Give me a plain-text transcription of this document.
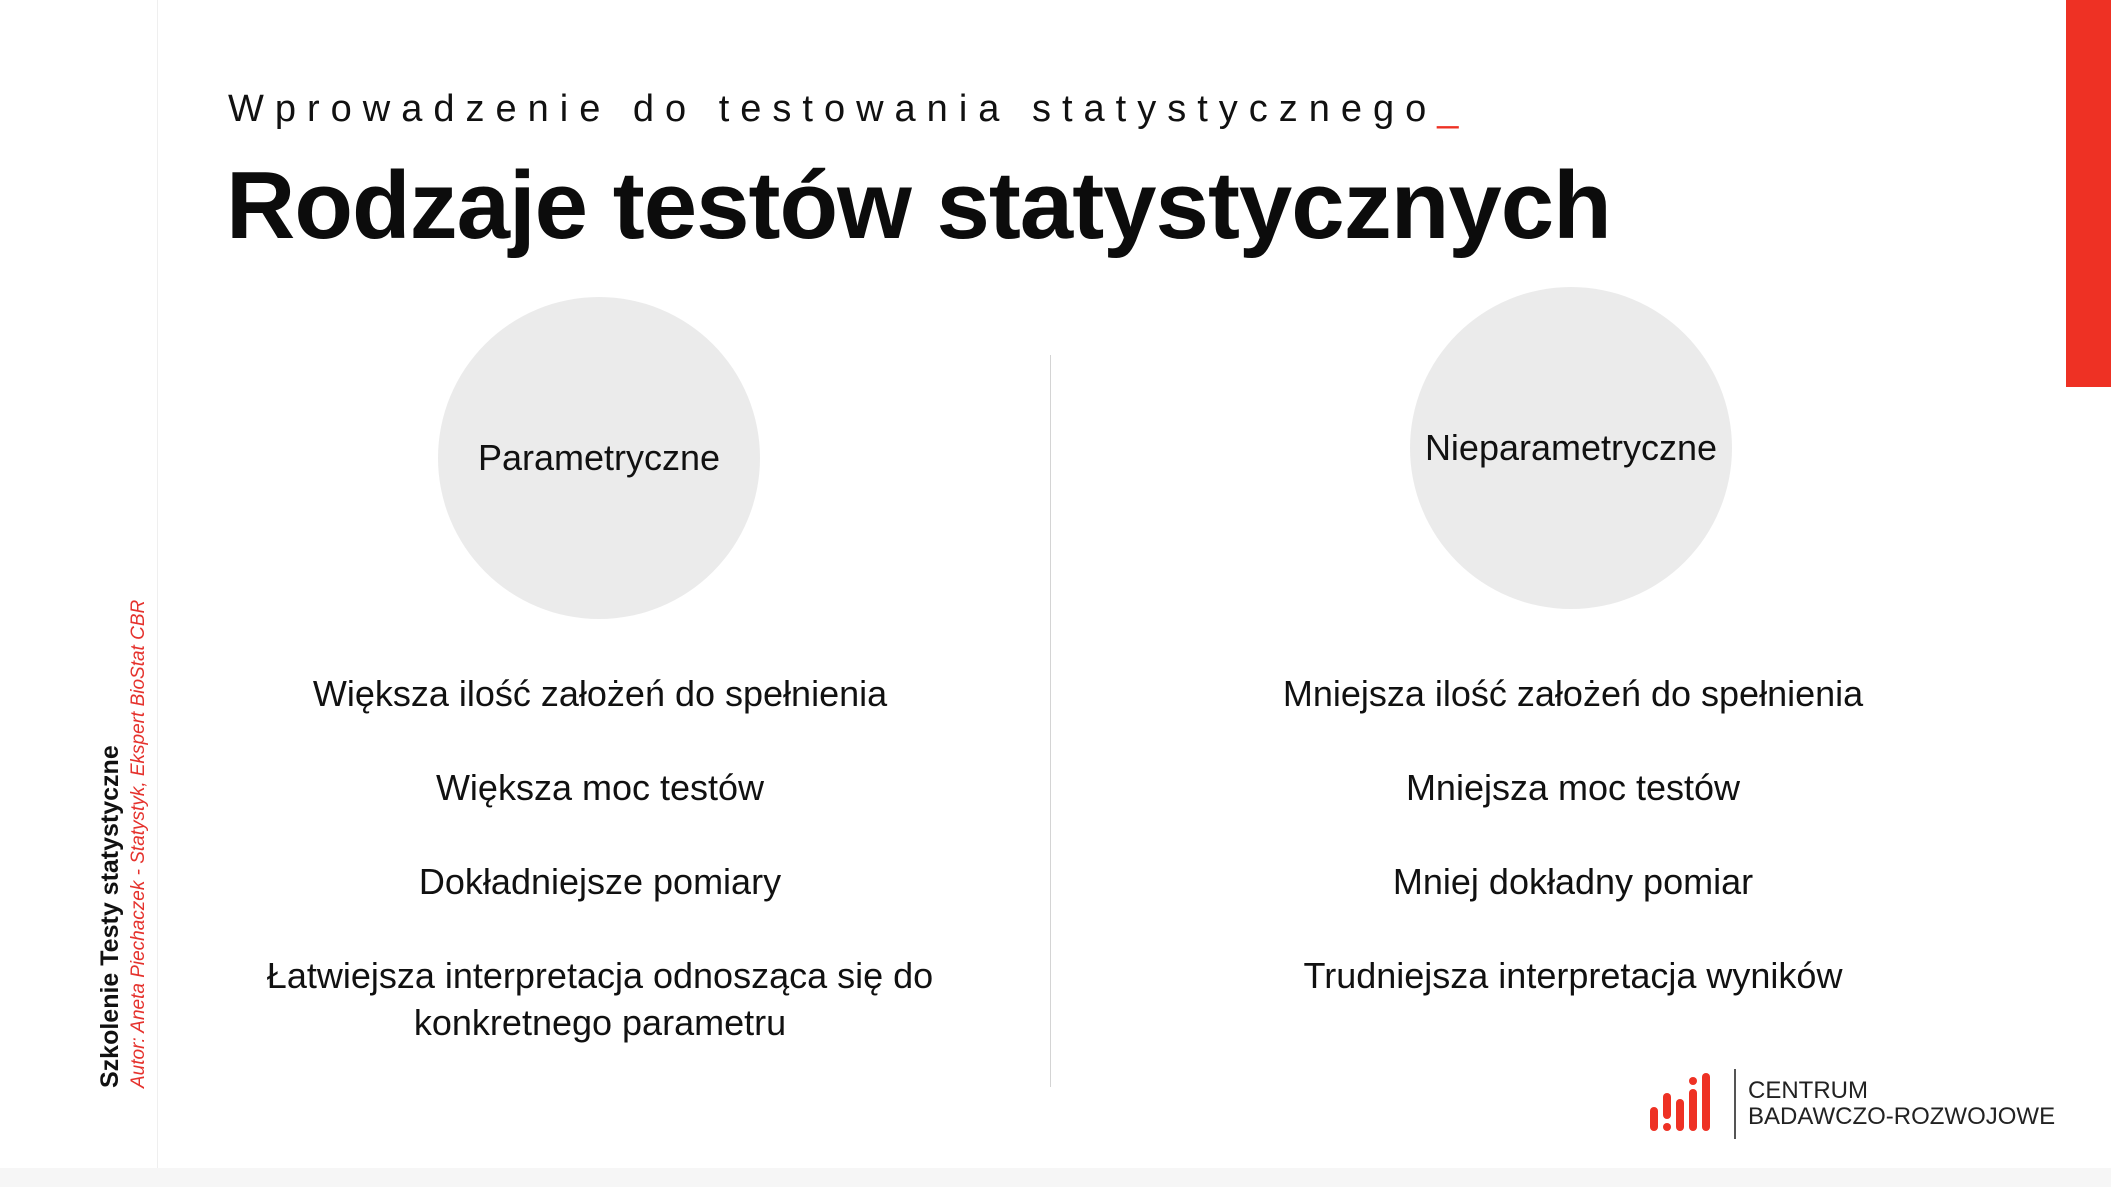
Szkolenie Testy statystyczne Autor: Aneta Piechaczek - Statystyk, Ekspert BioStat CBR
Wprowadzenie do testowania statystycznego_
Rodzaje testów statystycznych
Parametryczne	Nieparametryczne

Większa ilość założeń do spełnienia

Większa moc testów

Dokładniejsze pomiary

Łatwiejsza interpretacja odnosząca się do konkretnego parametru

Mniejsza ilość założeń do spełnienia

Mniejsza moc testów

Mniej dokładny pomiar

Trudniejsza interpretacja wyników

CENTRUM
BADAWCZO-ROZWOJOWE
